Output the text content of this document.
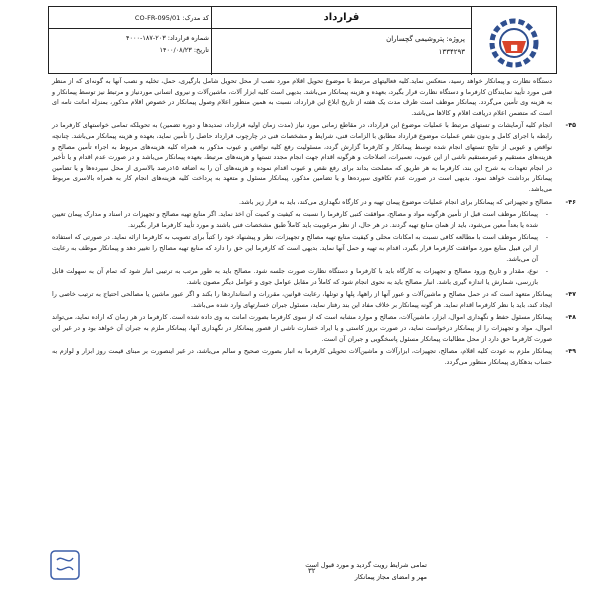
■
قرارداد
کد مدرک: CO-FR-095/01
پروژه: پتروشیمی گچساران
۱۳۳۴۲۹۳
شماره قرارداد: ۲۰۳-۱۸۷-۴۰۰۰
تاریخ: ۱۴۰۰/۰۸/۲۳

دستگاه نظارت و پیمانکار خواهد رسید، منعکس نماید.کلیه فعالیتهای مرتبط با موضوع تحویل اقلام مورد نصب از محل تحویل شامل بارگیری، حمل، تخلیه و نصب آنها به گونه‌ای که از منظر فنی مورد تأیید نمایندگان کارفرما و دستگاه نظارت قرار بگیرد، بعهده و هزینه پیمانکار می‌باشد. بدیهی است کلیه ابزار آلات، ماشین‌آلات و نیروی انسانی موردنیاز و مرتبط نیز توسط پیمانکار و به هزینه وی تأمین می‌گردد. پیمانکار موظف است ظرف مدت یک هفته از تاریخ ابلاغ این قرارداد، نسبت به همین منظور اعلام وصول پیمانکار در خصوص اقلام مذکور، بمنزله امانت نامه ای است که متضمن اعلام دریافت اقلام و کالاها می‌باشد.

۴۵-
انجام کلیه آزمایشات و تستهای مرتبط با عملیات موضوع این قرارداد، در مقاطع زمانی مورد نیاز (مدت زمان اولیه قرارداد، تمدیدها و دوره تضمین) به تحویلکه تمامی خواستهای کارفرما در رابطه با اجرای کامل و بدون نقص عملیات موضوع قرارداد مطابق با الزامات فنی، شرایط و مشخصات فنی در چارچوب قرارداد حاصل را تأمین نماید، بعهده و هزینه پیمانکار می‌باشد. چنانچه نواقص و عیوبی از نتایج تستهای انجام شده توسط پیمانکار و کارفرما گزارش گردد، مسئولیت رفع کلیه نواقص و عیوب مذکور به همراه کلیه هزینه‌های مربوط به اجراء تأمین مصالح و هزینه‌های مستقیم و غیرمستقیم ناشی از این عیوب، تعمیرات، اصلاحات و هرگونه اقدام جهت انجام مجدد تستها و هزینه‌های مرتبط، بعهده پیمانکار می‌باشد و در صورت عدم اقدام و یا تأخیر در انجام تعهدات به شرح این بند، کارفرما به هر طریق که مصلحت بداند برای رفع نقص و عیوب اقدام نموده و هزینه‌های آن را به اضافه ۱۵درصد بالاسری از محل سپرده‌ها و یا تضامین پیمانکار برداشت خواهد نمود. بدیهی است در صورت عدم تکافوی سپرده‌ها و یا تضامین مذکور، پیمانکار مسئول و متعهد به پرداخت کلیه هزینه‌های انجام کار به همراه بالاسری مربوط می‌باشد.
۴۶-
مصالح و تجهیزاتی که پیمانکار برای انجام عملیات موضوع پیمان تهیه و در کارگاه نگهداری می‌کند، باید به قرار زیر باشد.
- پیمانکار موظف است قبل از تأمین هرگونه مواد و مصالح، موافقت کتبی کارفرما را نسبت به کیفیت و کمیت آن اخذ نماید. اگر منابع تهیه مصالح و تجهیزات در اسناد و مدارک پیمان تعیین شده یا بعداً معین می‌شود، باید از همان منابع تهیه گردند. در هر حال، از نظر مرغوبیت باید کاملاً طبق مشخصات فنی باشند و مورد تأیید کارفرما قرار بگیرند.
- پیمانکار موظف است با مطالعه کافی نسبت به امکانات محلی و کیفیت منابع تهیه مصالح و تجهیزات، نظر و پیشنهاد خود را کتباً برای تصویب به کارفرما ارائه نماید. در صورتی که استفاده از این قبیل منابع مورد موافقت کارفرما قرار بگیرد، اقدام به تهیه و حمل آنها نماید. بدیهی است که کارفرما این حق را دارد که منابع تهیه مصالح را تغییر دهد و پیمانکار موظف به رعایت آن می‌باشد.
- نوع، مقدار و تاریخ ورود مصالح و تجهیزات به کارگاه باید با کارفرما و دستگاه نظارت صورت جلسه شود. مصالح باید به طور مرتب به ترتیبی انبار شود که تمام آن به سهولت قابل بازرسی، شمارش یا اندازه گیری باشد. انبار مصالح باید به نحوی انجام شود که کاملاً در مقابل عوامل جوی و عوامل دیگر مصون باشد.
۴۷-
پیمانکار متعهد است که در حمل مصالح و ماشین‌آلات و عبور آنها از راهها، پلها و تونلها، رعایت قوانین، مقررات و استانداردها را بکند و اگر عبور ماشین یا مصالحی احتیاج به ترتیب خاصی را ایجاد کند، باید با نظر کارفرما اقدام نماید. هر گونه پیمانکار بر خلاف مفاد این بند رفتار نماید، مسئول جبران خسارتهای وارد شده می‌باشد.
۴۸-
پیمانکار مسئول حفظ و نگهداری اموال، ابزار، ماشین‌آلات، مصالح و موارد مشابه است که از سوی کارفرما بصورت امانت به وی داده شده است. کارفرما در هر زمان که اراده نماید، می‌تواند اموال، مواد و تجهیزات را از پیمانکار درخواست نماید، در صورت بروز کاستی و یا ایراد خسارت ناشی از قصور پیمانکار در نگهداری آنها، پیمانکار ملزم به جبران آن خواهد بود و در غیر این صورت کارفرما حق دارد از محل مطالبات پیمانکار مسئول پاسخگویی و جبران آن است.
۴۹-
پیمانکار ملزم به عودت کلیه اقلام، مصالح، تجهیزات، ابزارآلات و ماشین‌آلات تحویلی کارفرما به انبار بصورت صحیح و سالم می‌باشد، در غیر اینصورت بر مبنای قیمت روز ابزار و لوازم به حساب بدهکاری پیمانکار منظور می‌گردد.
۳۲
تمامی شرایط رویت گردید و مورد قبول است
مهر و امضای مجاز پیمانکار
